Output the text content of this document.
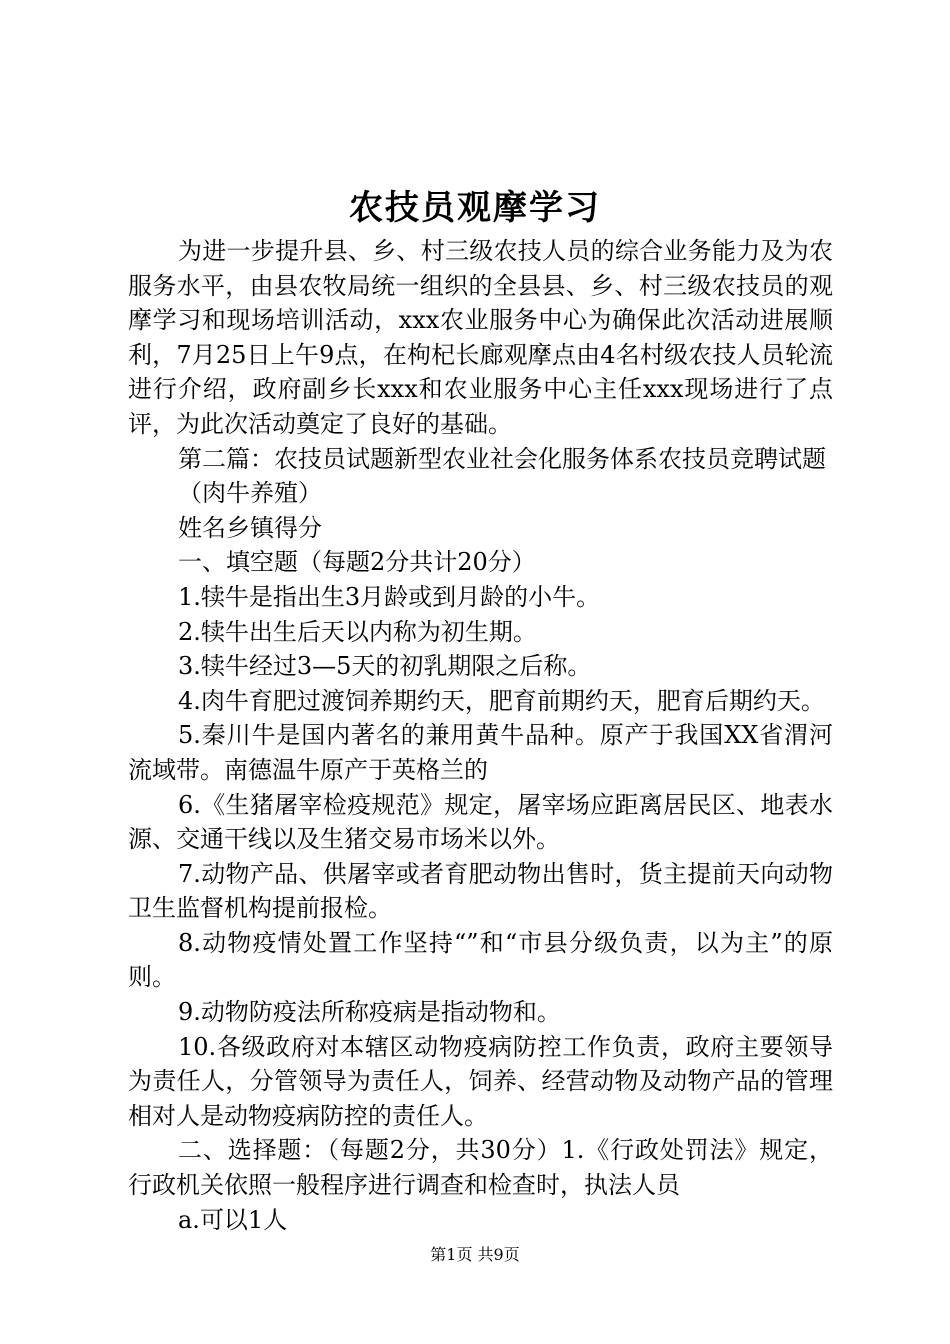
农技员观摩学习

为进一步提升县、乡、村三级农技人员的综合业务能力及为农服务水平，由县农牧局统一组织的全县县、乡、村三级农技员的观摩学习和现场培训活动，xxx农业服务中心为确保此次活动进展顺利，7月25日上午9点，在枸杞长廊观摩点由4名村级农技人员轮流进行介绍，政府副乡长xxx和农业服务中心主任xxx现场进行了点评，为此次活动奠定了良好的基础。

第二篇：农技员试题新型农业社会化服务体系农技员竞聘试题

（肉牛养殖）

姓名乡镇得分

一、填空题（每题2分共计20分）

1.犊牛是指出生3月龄或到月龄的小牛。

2.犊牛出生后天以内称为初生期。

3.犊牛经过3—5天的初乳期限之后称。

4.肉牛育肥过渡饲养期约天，肥育前期约天，肥育后期约天。

5.秦川牛是国内著名的兼用黄牛品种。原产于我国XX省渭河流域带。南德温牛原产于英格兰的

6.《生猪屠宰检疫规范》规定，屠宰场应距离居民区、地表水源、交通干线以及生猪交易市场米以外。

7.动物产品、供屠宰或者育肥动物出售时，货主提前天向动物卫生监督机构提前报检。

8.动物疫情处置工作坚持“”和“市县分级负责，以为主”的原则。

9.动物防疫法所称疫病是指动物和。

10.各级政府对本辖区动物疫病防控工作负责，政府主要领导为责任人，分管领导为责任人，饲养、经营动物及动物产品的管理相对人是动物疫病防控的责任人。

二、选择题：（每题2分，共30分）1.《行政处罚法》规定，行政机关依照一般程序进行调查和检查时，执法人员

a.可以1人

第1页 共9页
